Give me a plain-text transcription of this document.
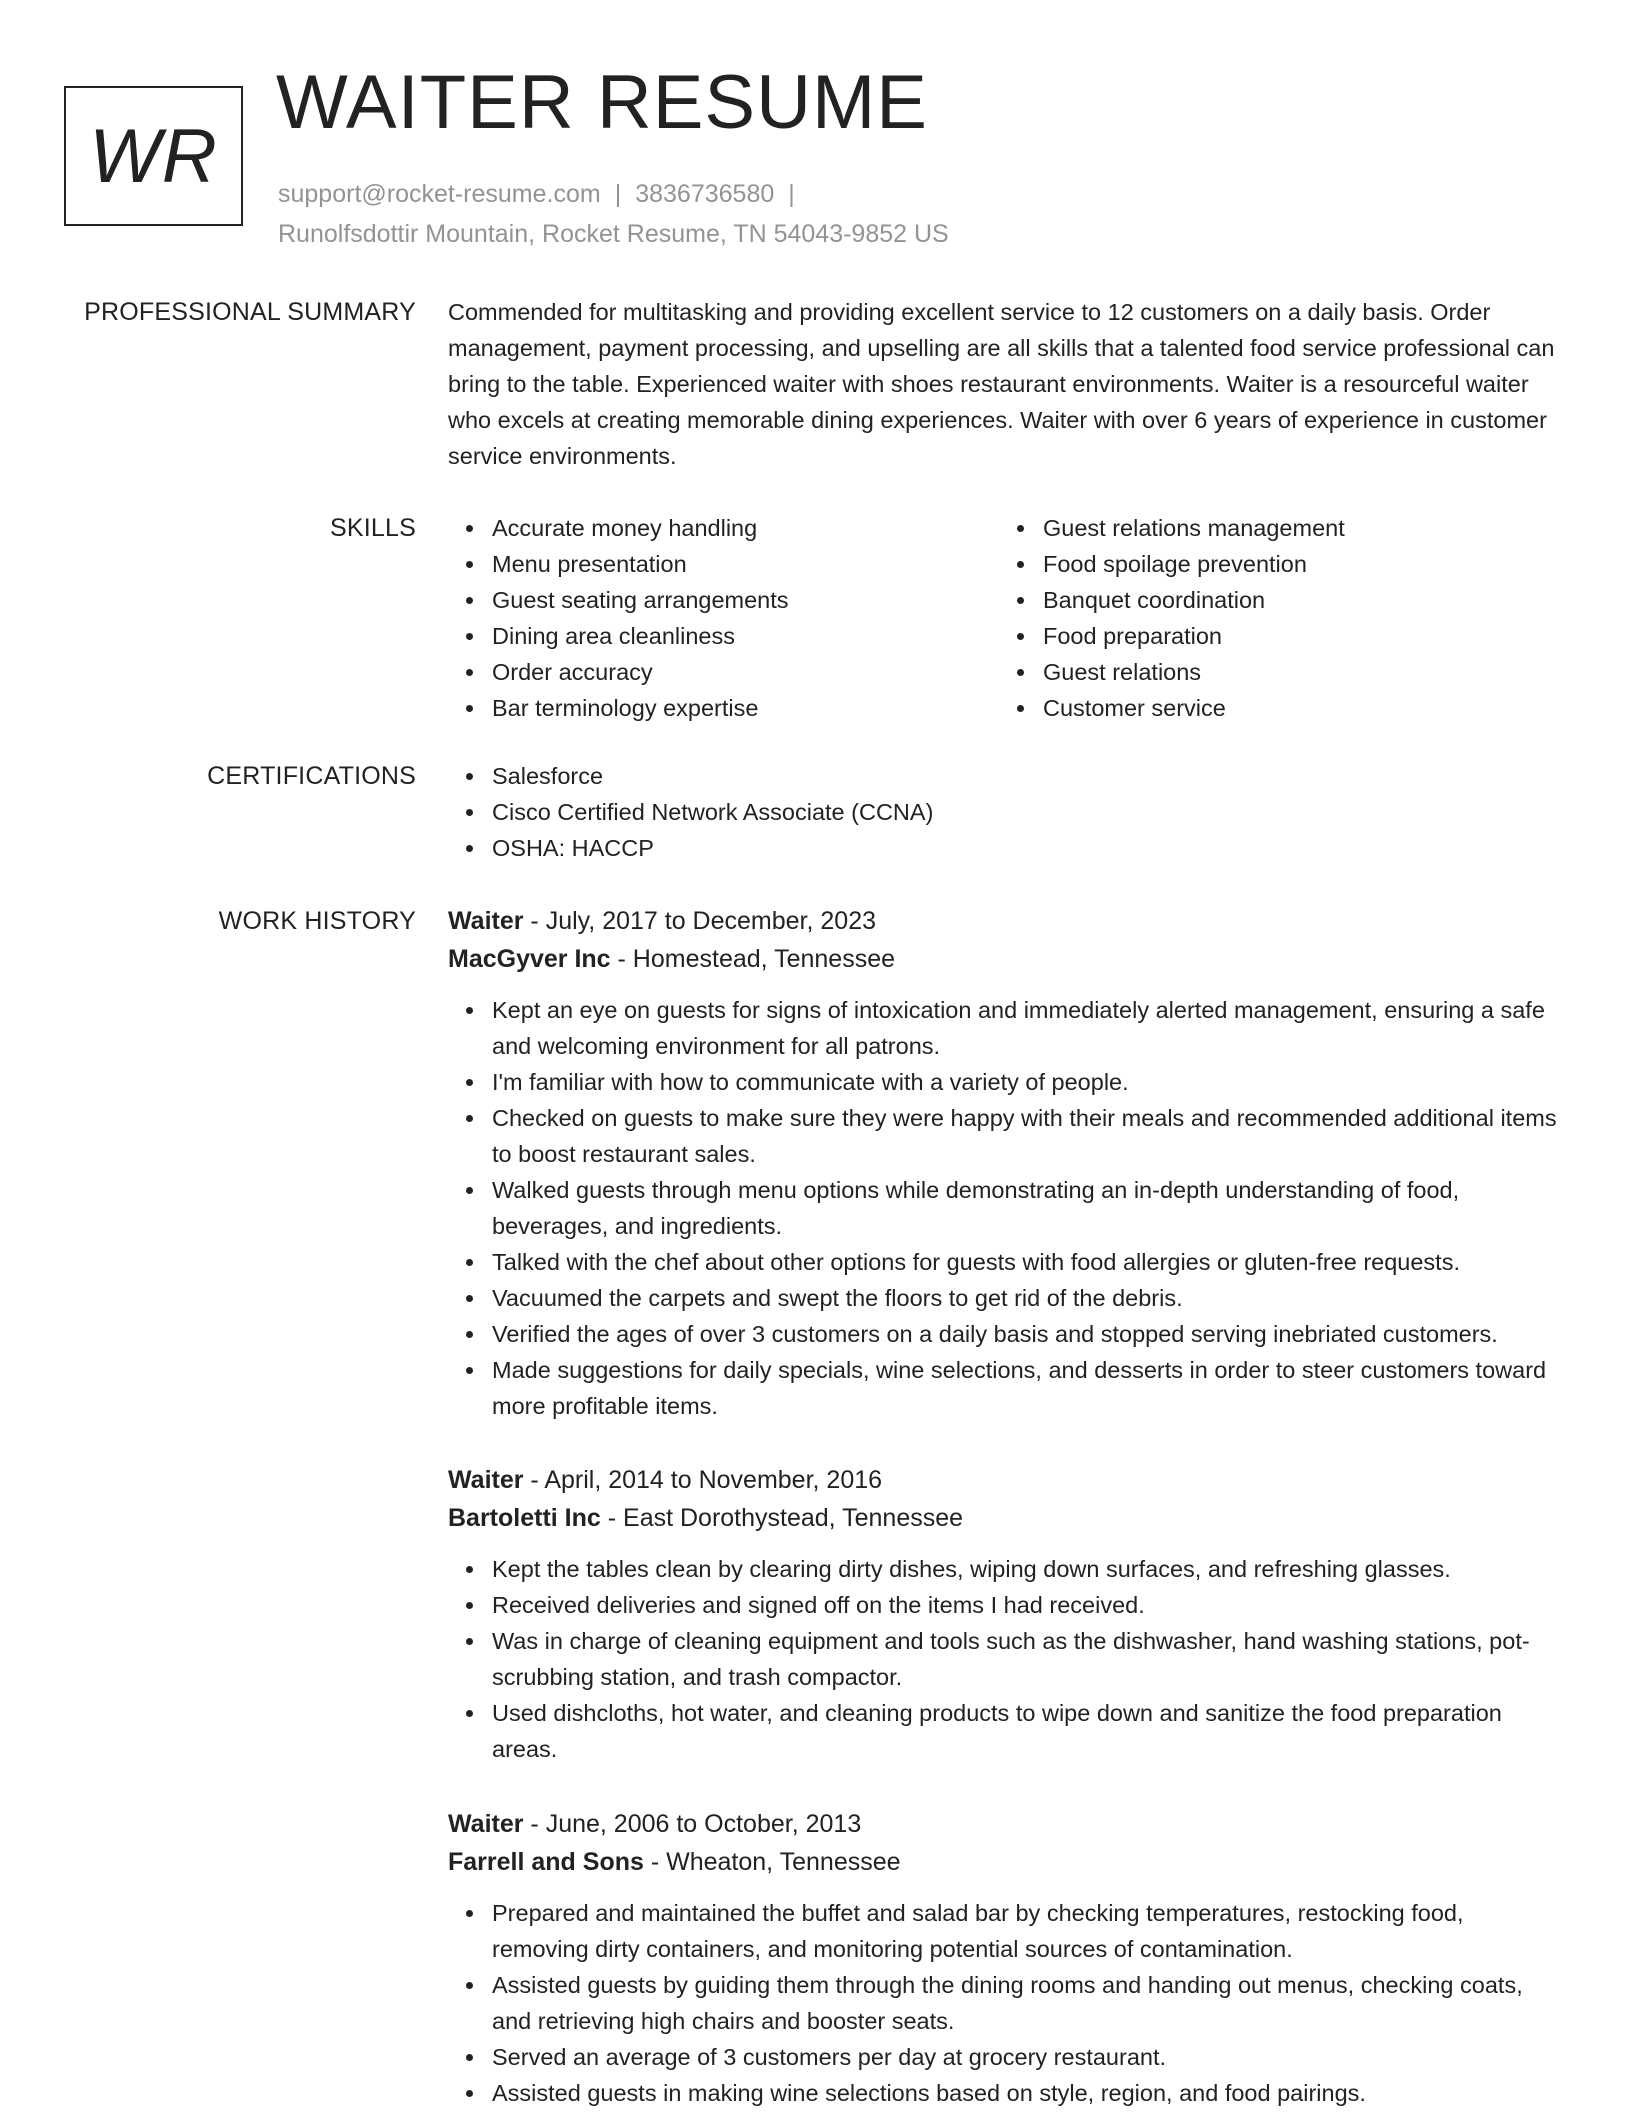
WR
WAITER RESUME
support@rocket-resume.com | 3836736580 |
Runolfsdottir Mountain, Rocket Resume, TN 54043-9852 US
PROFESSIONAL SUMMARY Commended for multitasking and providing excellent service to 12 customers on a daily basis. Order management, payment processing, and upselling are all skills that a talented food service professional can bring to the table. Experienced waiter with shoes restaurant environments. Waiter is a resourceful waiter who excels at creating memorable dining experiences. Waiter with over 6 years of experience in customer service environments.

SKILLS	Accurate money handling
Menu presentation
Guest seating arrangements
Dining area cleanliness
Order accuracy
Bar terminology expertise
Guest relations management
Food spoilage prevention
Banquet coordination
Food preparation
Guest relations
Customer service
CERTIFICATIONS	Salesforce
Cisco Certified Network Associate (CCNA)
OSHA: HACCP
WORK HISTORY Waiter - July, 2017 to December, 2023
MacGyver Inc - Homestead, Tennessee
Kept an eye on guests for signs of intoxication and immediately alerted management, ensuring a safe and welcoming environment for all patrons.
I'm familiar with how to communicate with a variety of people.
Checked on guests to make sure they were happy with their meals and recommended additional items to boost restaurant sales.
Walked guests through menu options while demonstrating an in-depth understanding of food, beverages, and ingredients.
Talked with the chef about other options for guests with food allergies or gluten-free requests.
Vacuumed the carpets and swept the floors to get rid of the debris.
Verified the ages of over 3 customers on a daily basis and stopped serving inebriated customers.
Made suggestions for daily specials, wine selections, and desserts in order to steer customers toward more profitable items.
Waiter - April, 2014 to November, 2016
Bartoletti Inc - East Dorothystead, Tennessee
Kept the tables clean by clearing dirty dishes, wiping down surfaces, and refreshing glasses.
Received deliveries and signed off on the items I had received.
Was in charge of cleaning equipment and tools such as the dishwasher, hand washing stations, pot-scrubbing station, and trash compactor.
Used dishcloths, hot water, and cleaning products to wipe down and sanitize the food preparation areas.
Waiter - June, 2006 to October, 2013
Farrell and Sons - Wheaton, Tennessee
Prepared and maintained the buffet and salad bar by checking temperatures, restocking food, removing dirty containers, and monitoring potential sources of contamination.
Assisted guests by guiding them through the dining rooms and handing out menus, checking coats, and retrieving high chairs and booster seats.
Served an average of 3 customers per day at grocery restaurant.
Assisted guests in making wine selections based on style, region, and food pairings.
